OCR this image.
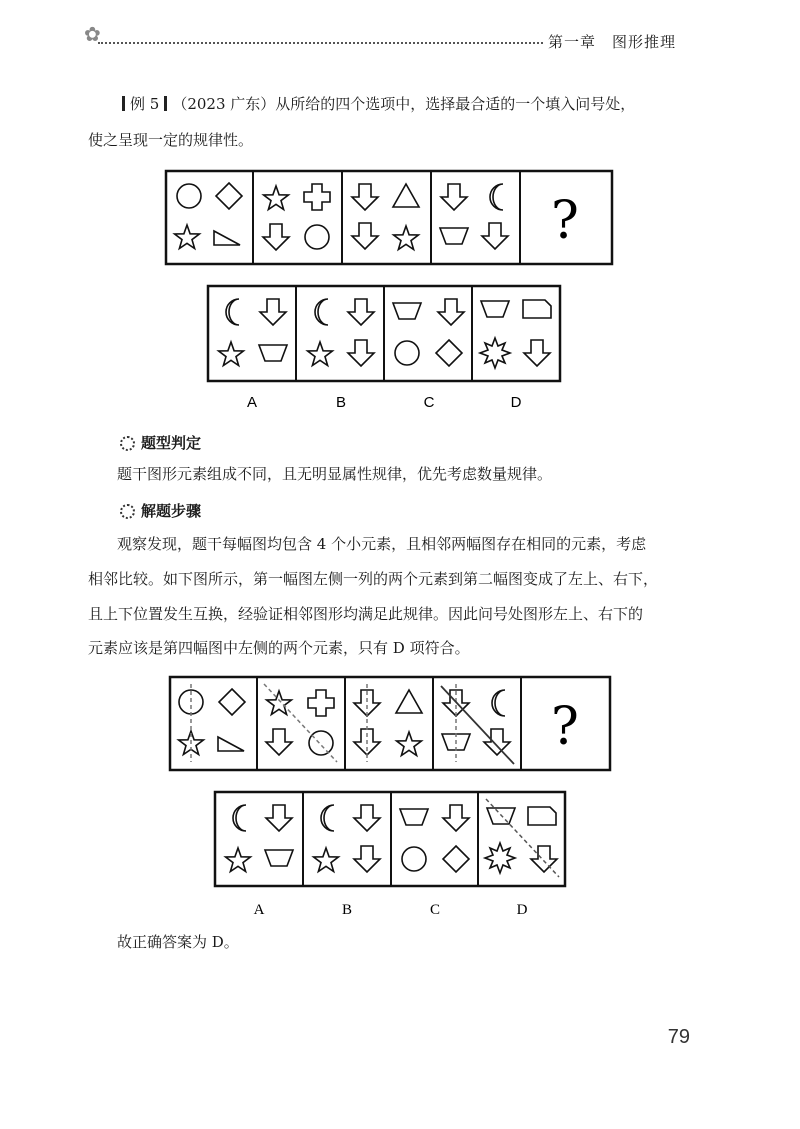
✿	第一章　图形推理
例 5 （2023 广东）从所给的四个选项中，选择最合适的一个填入问号处，
使之呈现一定的规律性。
?
A	B	C	D
题型判定
题干图形元素组成不同，且无明显属性规律，优先考虑数量规律。
解题步骤
观察发现，题干每幅图均包含 4 个小元素，且相邻两幅图存在相同的元素，考虑
相邻比较。如下图所示，第一幅图左侧一列的两个元素到第二幅图变成了左上、右下，
且上下位置发生互换，经验证相邻图形均满足此规律。因此问号处图形左上、右下的
元素应该是第四幅图中左侧的两个元素，只有 D 项符合。
?
A	B	C	D
故正确答案为 D。
79
